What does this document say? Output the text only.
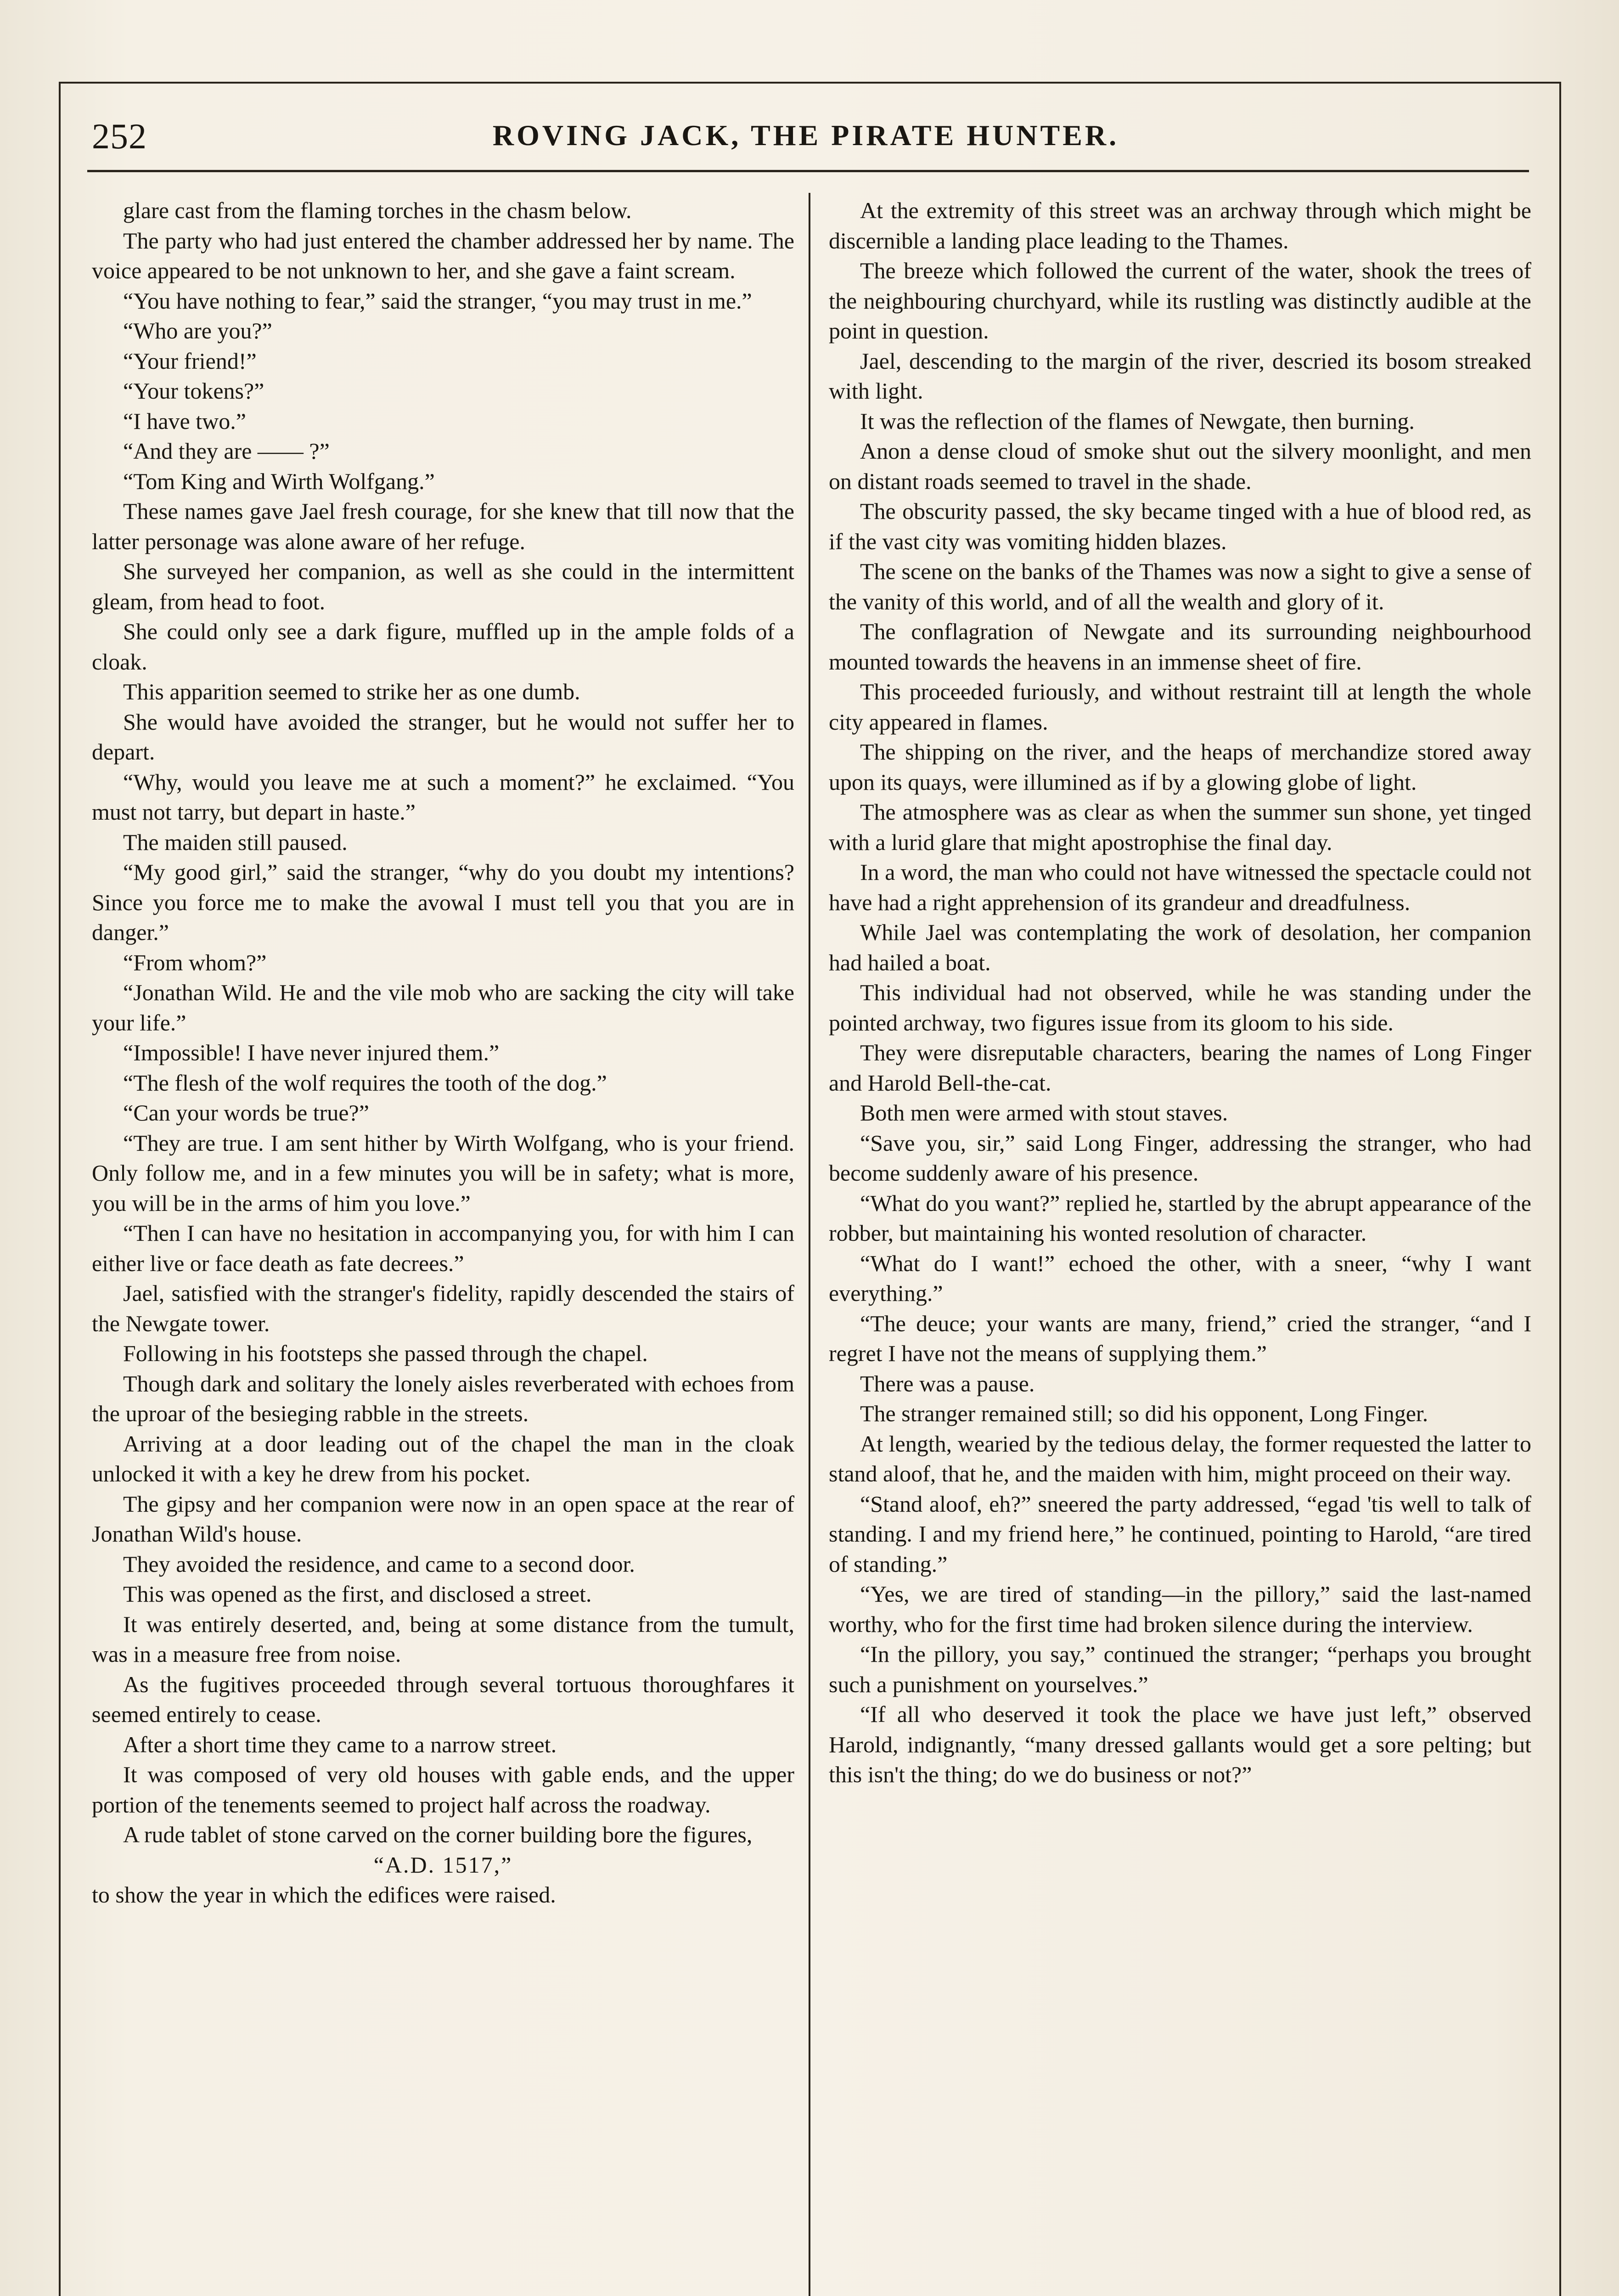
252	ROVING JACK, THE PIRATE HUNTER.

glare cast from the flaming torches in the chasm below.

The party who had just entered the chamber addressed her by name. The voice appeared to be not unknown to her, and she gave a faint scream.

“You have nothing to fear,” said the stranger, “you may trust in me.”

“Who are you?”

“Your friend!”

“Your tokens?”

“I have two.”

“And they are —— ?”

“Tom King and Wirth Wolfgang.”

These names gave Jael fresh courage, for she knew that till now that the latter personage was alone aware of her refuge.

She surveyed her companion, as well as she could in the intermittent gleam, from head to foot.

She could only see a dark figure, muffled up in the ample folds of a cloak.

This apparition seemed to strike her as one dumb.

She would have avoided the stranger, but he would not suffer her to depart.

“Why, would you leave me at such a moment?” he exclaimed. “You must not tarry, but depart in haste.”

The maiden still paused.

“My good girl,” said the stranger, “why do you doubt my intentions? Since you force me to make the avowal I must tell you that you are in danger.”

“From whom?”

“Jonathan Wild. He and the vile mob who are sacking the city will take your life.”

“Impossible! I have never injured them.”

“The flesh of the wolf requires the tooth of the dog.”

“Can your words be true?”

“They are true. I am sent hither by Wirth Wolfgang, who is your friend. Only follow me, and in a few minutes you will be in safety; what is more, you will be in the arms of him you love.”

“Then I can have no hesitation in accompanying you, for with him I can either live or face death as fate decrees.”

Jael, satisfied with the stranger's fidelity, rapidly descended the stairs of the Newgate tower.

Following in his footsteps she passed through the chapel.

Though dark and solitary the lonely aisles reverberated with echoes from the uproar of the besieging rabble in the streets.

Arriving at a door leading out of the chapel the man in the cloak unlocked it with a key he drew from his pocket.

The gipsy and her companion were now in an open space at the rear of Jonathan Wild's house.

They avoided the residence, and came to a second door.

This was opened as the first, and disclosed a street.

It was entirely deserted, and, being at some distance from the tumult, was in a measure free from noise.

As the fugitives proceeded through several tortuous thoroughfares it seemed entirely to cease.

After a short time they came to a narrow street.

It was composed of very old houses with gable ends, and the upper portion of the tenements seemed to project half across the roadway.

A rude tablet of stone carved on the corner building bore the figures,

“A.D. 1517,”

to show the year in which the edifices were raised.

At the extremity of this street was an archway through which might be discernible a landing place leading to the Thames.

The breeze which followed the current of the water, shook the trees of the neighbouring churchyard, while its rustling was distinctly audible at the point in question.

Jael, descending to the margin of the river, descried its bosom streaked with light.

It was the reflection of the flames of Newgate, then burning.

Anon a dense cloud of smoke shut out the silvery moonlight, and men on distant roads seemed to travel in the shade.

The obscurity passed, the sky became tinged with a hue of blood red, as if the vast city was vomiting hidden blazes.

The scene on the banks of the Thames was now a sight to give a sense of the vanity of this world, and of all the wealth and glory of it.

The conflagration of Newgate and its surrounding neighbourhood mounted towards the heavens in an immense sheet of fire.

This proceeded furiously, and without restraint till at length the whole city appeared in flames.

The shipping on the river, and the heaps of merchandize stored away upon its quays, were illumined as if by a glowing globe of light.

The atmosphere was as clear as when the summer sun shone, yet tinged with a lurid glare that might apostrophise the final day.

In a word, the man who could not have witnessed the spectacle could not have had a right apprehension of its grandeur and dreadfulness.

While Jael was contemplating the work of desolation, her companion had hailed a boat.

This individual had not observed, while he was standing under the pointed archway, two figures issue from its gloom to his side.

They were disreputable characters, bearing the names of Long Finger and Harold Bell-the-cat.

Both men were armed with stout staves.

“Save you, sir,” said Long Finger, addressing the stranger, who had become suddenly aware of his presence.

“What do you want?” replied he, startled by the abrupt appearance of the robber, but maintaining his wonted resolution of character.

“What do I want!” echoed the other, with a sneer, “why I want everything.”

“The deuce; your wants are many, friend,” cried the stranger, “and I regret I have not the means of supplying them.”

There was a pause.

The stranger remained still; so did his opponent, Long Finger.

At length, wearied by the tedious delay, the former requested the latter to stand aloof, that he, and the maiden with him, might proceed on their way.

“Stand aloof, eh?” sneered the party addressed, “egad 'tis well to talk of standing. I and my friend here,” he continued, pointing to Harold, “are tired of standing.”

“Yes, we are tired of standing—in the pillory,” said the last-named worthy, who for the first time had broken silence during the interview.

“In the pillory, you say,” continued the stranger; “perhaps you brought such a punishment on yourselves.”

“If all who deserved it took the place we have just left,” observed Harold, indignantly, “many dressed gallants would get a sore pelting; but this isn't the thing; do we do business or not?”
